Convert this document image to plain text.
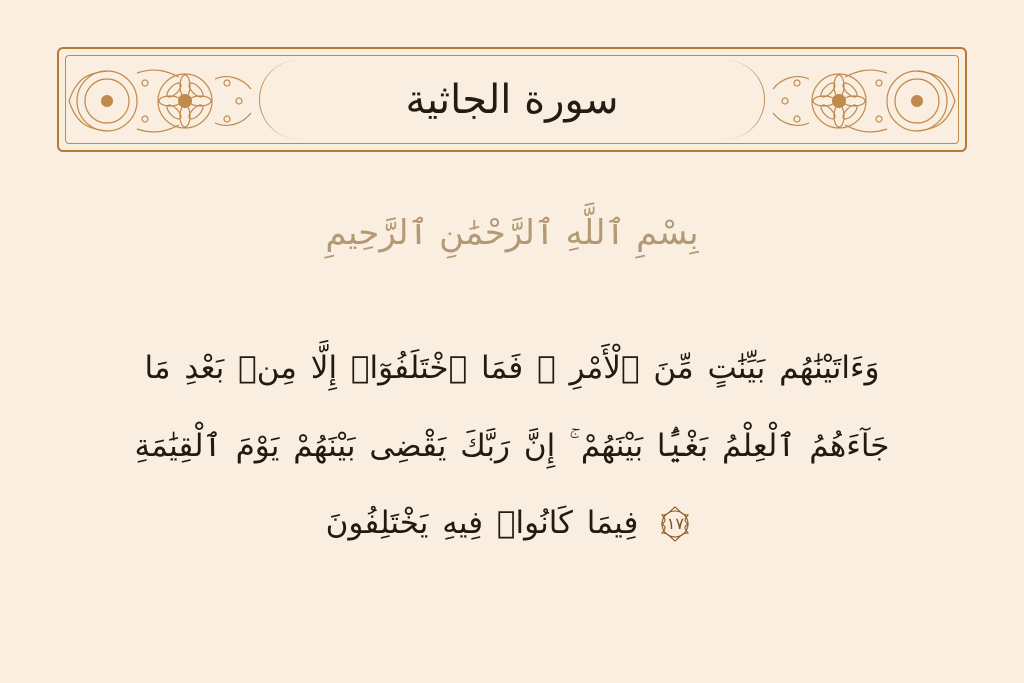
سورة الجاثية
بِسْمِ ٱللَّهِ ٱلرَّحْمَٰنِ ٱلرَّحِيمِ
وَءَاتَيْنَٰهُم بَيِّنَٰتٍ مِّنَ ٱلْأَمْرِ ۖ فَمَا ٱخْتَلَفُوٓا۟ إِلَّا مِنۢ بَعْدِ مَا
جَآءَهُمُ ٱلْعِلْمُ بَغْيًۢا بَيْنَهُمْ ۚ إِنَّ رَبَّكَ يَقْضِى بَيْنَهُمْ يَوْمَ ٱلْقِيَٰمَةِ
١٧
فِيمَا كَانُوا۟ فِيهِ يَخْتَلِفُونَ
